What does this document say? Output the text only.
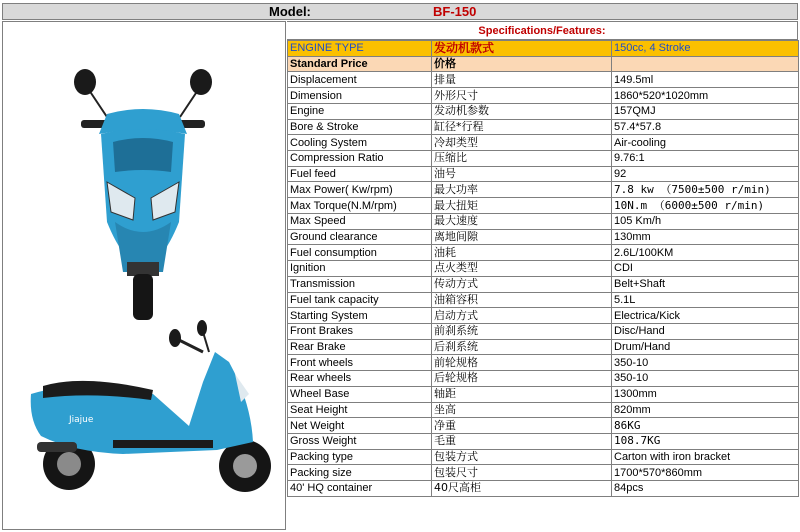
Model:	BF-150
Jiajue
Specifications/Features:
ENGINE TYPE	发动机款式	150cc, 4 Stroke
Standard Price	价格	
Displacement	排量	149.5ml
Dimension	外形尺寸	1860*520*1020mm
Engine	发动机参数	157QMJ
Bore & Stroke	缸径*行程	57.4*57.8
Cooling System	冷却类型	Air-cooling
Compression Ratio	压缩比	9.76:1
Fuel feed	油号	92
Max Power( Kw/rpm)	最大功率	7.8 kw （7500±500 r/min)
Max Torque(N.M/rpm)	最大扭矩	10N.m （6000±500 r/min)
Max Speed	最大速度	105 Km/h
Ground clearance	离地间隙	130mm
Fuel consumption	油耗	2.6L/100KM
Ignition	点火类型	CDI
Transmission	传动方式	Belt+Shaft
Fuel tank capacity	油箱容积	5.1L
Starting System	启动方式	Electrica/Kick
Front Brakes	前刹系统	Disc/Hand
Rear Brake	后刹系统	Drum/Hand
Front wheels	前轮规格	350-10
Rear wheels	后轮规格	350-10
Wheel Base	轴距	1300mm
Seat Height	坐高	820mm
Net Weight	净重	86KG
Gross Weight	毛重	108.7KG
Packing type	包装方式	Carton with iron bracket
Packing size	包装尺寸	1700*570*860mm
40' HQ container	40尺高柜	84pcs
